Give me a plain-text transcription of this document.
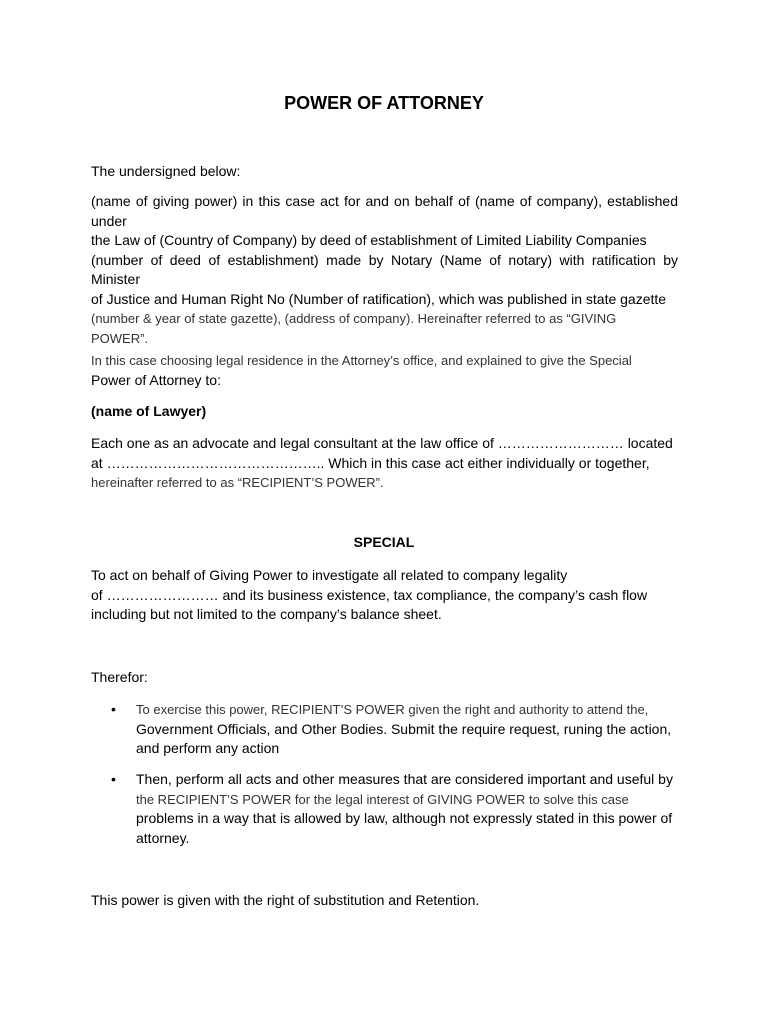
POWER OF ATTORNEY
The undersigned below:
(name of giving power) in this case act for and on behalf of (name of company), established under
the Law of (Country of Company) by deed of establishment of Limited Liability Companies
(number of deed of establishment) made by Notary (Name of notary) with ratification by Minister
of Justice and Human Right No (Number of ratification), which was published in state gazette
(number & year of state gazette), (address of company). Hereinafter referred to as “GIVING
POWER”.
In this case choosing legal residence in the Attorney’s office, and explained to give the Special
Power of Attorney to:
(name of Lawyer)
Each one as an advocate and legal consultant at the law office of ……………………… located
at ……………………………………….. Which in this case act either individually or together,
hereinafter referred to as “RECIPIENT’S POWER”.
SPECIAL
To act on behalf of Giving Power to investigate all related to company legality
of …………………… and its business existence, tax compliance, the company’s cash flow
including but not limited to the company’s balance sheet.
Therefor:
• To exercise this power, RECIPIENT’S POWER given the right and authority to attend the,
Government Officials, and Other Bodies. Submit the require request, runing the action,
and perform any action
• Then, perform all acts and other measures that are considered important and useful by
the RECIPIENT’S POWER for the legal interest of GIVING POWER to solve this case
problems in a way that is allowed by law, although not expressly stated in this power of
attorney.
This power is given with the right of substitution and Retention.
